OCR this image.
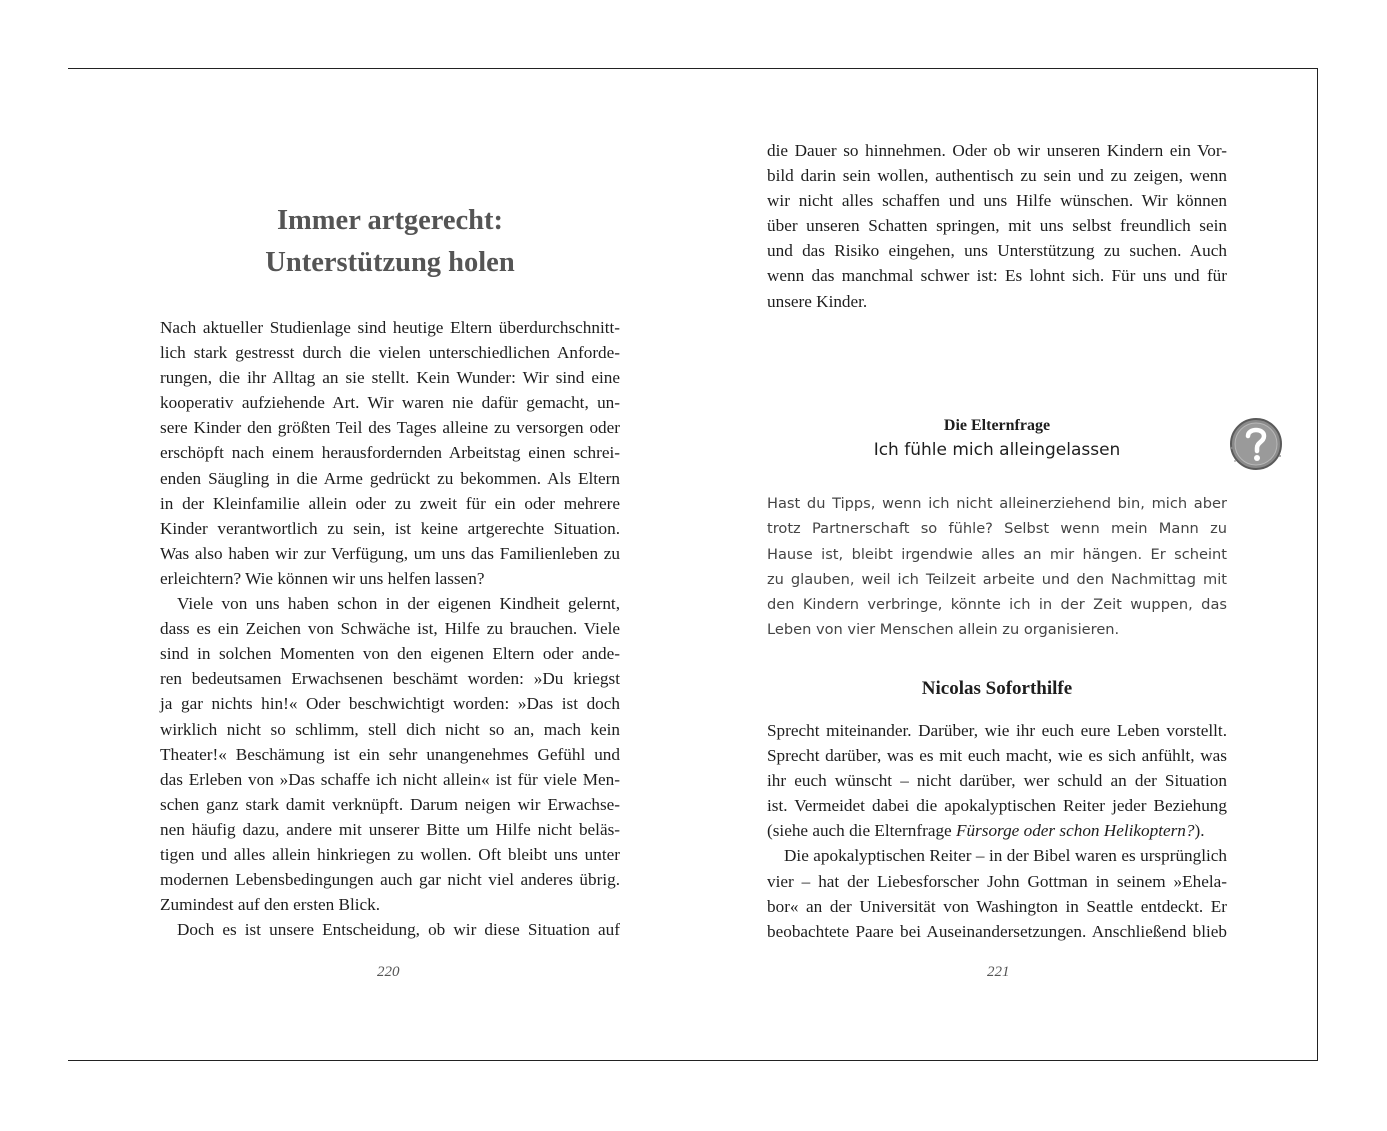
Immer artgerecht:
Unterstützung holen
Nach aktueller Studienlage sind heutige Eltern überdurchschnitt-
lich stark gestresst durch die vielen unterschiedlichen Anforde-
rungen, die ihr Alltag an sie stellt. Kein Wunder: Wir sind eine
kooperativ aufziehende Art. Wir waren nie dafür gemacht, un-
sere Kinder den größten Teil des Tages alleine zu versorgen oder
erschöpft nach einem herausfordernden Arbeitstag einen schrei-
enden Säugling in die Arme gedrückt zu bekommen. Als Eltern
in der Kleinfamilie allein oder zu zweit für ein oder mehrere
Kinder verantwortlich zu sein, ist keine artgerechte Situation.
Was also haben wir zur Verfügung, um uns das Familienleben zu
erleichtern? Wie können wir uns helfen lassen?
Viele von uns haben schon in der eigenen Kindheit gelernt,
dass es ein Zeichen von Schwäche ist, Hilfe zu brauchen. Viele
sind in solchen Momenten von den eigenen Eltern oder ande-
ren bedeutsamen Erwachsenen beschämt worden: »Du kriegst
ja gar nichts hin!« Oder beschwichtigt worden: »Das ist doch
wirklich nicht so schlimm, stell dich nicht so an, mach kein
Theater!« Beschämung ist ein sehr unangenehmes Gefühl und
das Erleben von »Das schaffe ich nicht allein« ist für viele Men-
schen ganz stark damit verknüpft. Darum neigen wir Erwachse-
nen häufig dazu, andere mit unserer Bitte um Hilfe nicht beläs-
tigen und alles allein hinkriegen zu wollen. Oft bleibt uns unter
modernen Lebensbedingungen auch gar nicht viel anderes übrig.
Zumindest auf den ersten Blick.
Doch es ist unsere Entscheidung, ob wir diese Situation auf
220
die Dauer so hinnehmen. Oder ob wir unseren Kindern ein Vor-
bild darin sein wollen, authentisch zu sein und zu zeigen, wenn
wir nicht alles schaffen und uns Hilfe wünschen. Wir können
über unseren Schatten springen, mit uns selbst freundlich sein
und das Risiko eingehen, uns Unterstützung zu suchen. Auch
wenn das manchmal schwer ist: Es lohnt sich. Für uns und für
unsere Kinder.
Die Elternfrage
Ich fühle mich alleingelassen
Hast du Tipps, wenn ich nicht alleinerziehend bin, mich aber
trotz Partnerschaft so fühle? Selbst wenn mein Mann zu
Hause ist, bleibt irgendwie alles an mir hängen. Er scheint
zu glauben, weil ich Teilzeit arbeite und den Nachmittag mit
den Kindern verbringe, könnte ich in der Zeit wuppen, das
Leben von vier Menschen allein zu organisieren.
Nicolas Soforthilfe
Sprecht miteinander. Darüber, wie ihr euch eure Leben vorstellt.
Sprecht darüber, was es mit euch macht, wie es sich anfühlt, was
ihr euch wünscht – nicht darüber, wer schuld an der Situation
ist. Vermeidet dabei die apokalyptischen Reiter jeder Beziehung
(siehe auch die Elternfrage Fürsorge oder schon Helikoptern?).
Die apokalyptischen Reiter – in der Bibel waren es ursprünglich
vier – hat der Liebesforscher John Gottman in seinem »Ehela-
bor« an der Universität von Washington in Seattle entdeckt. Er
beobachtete Paare bei Auseinandersetzungen. Anschließend blieb
221
